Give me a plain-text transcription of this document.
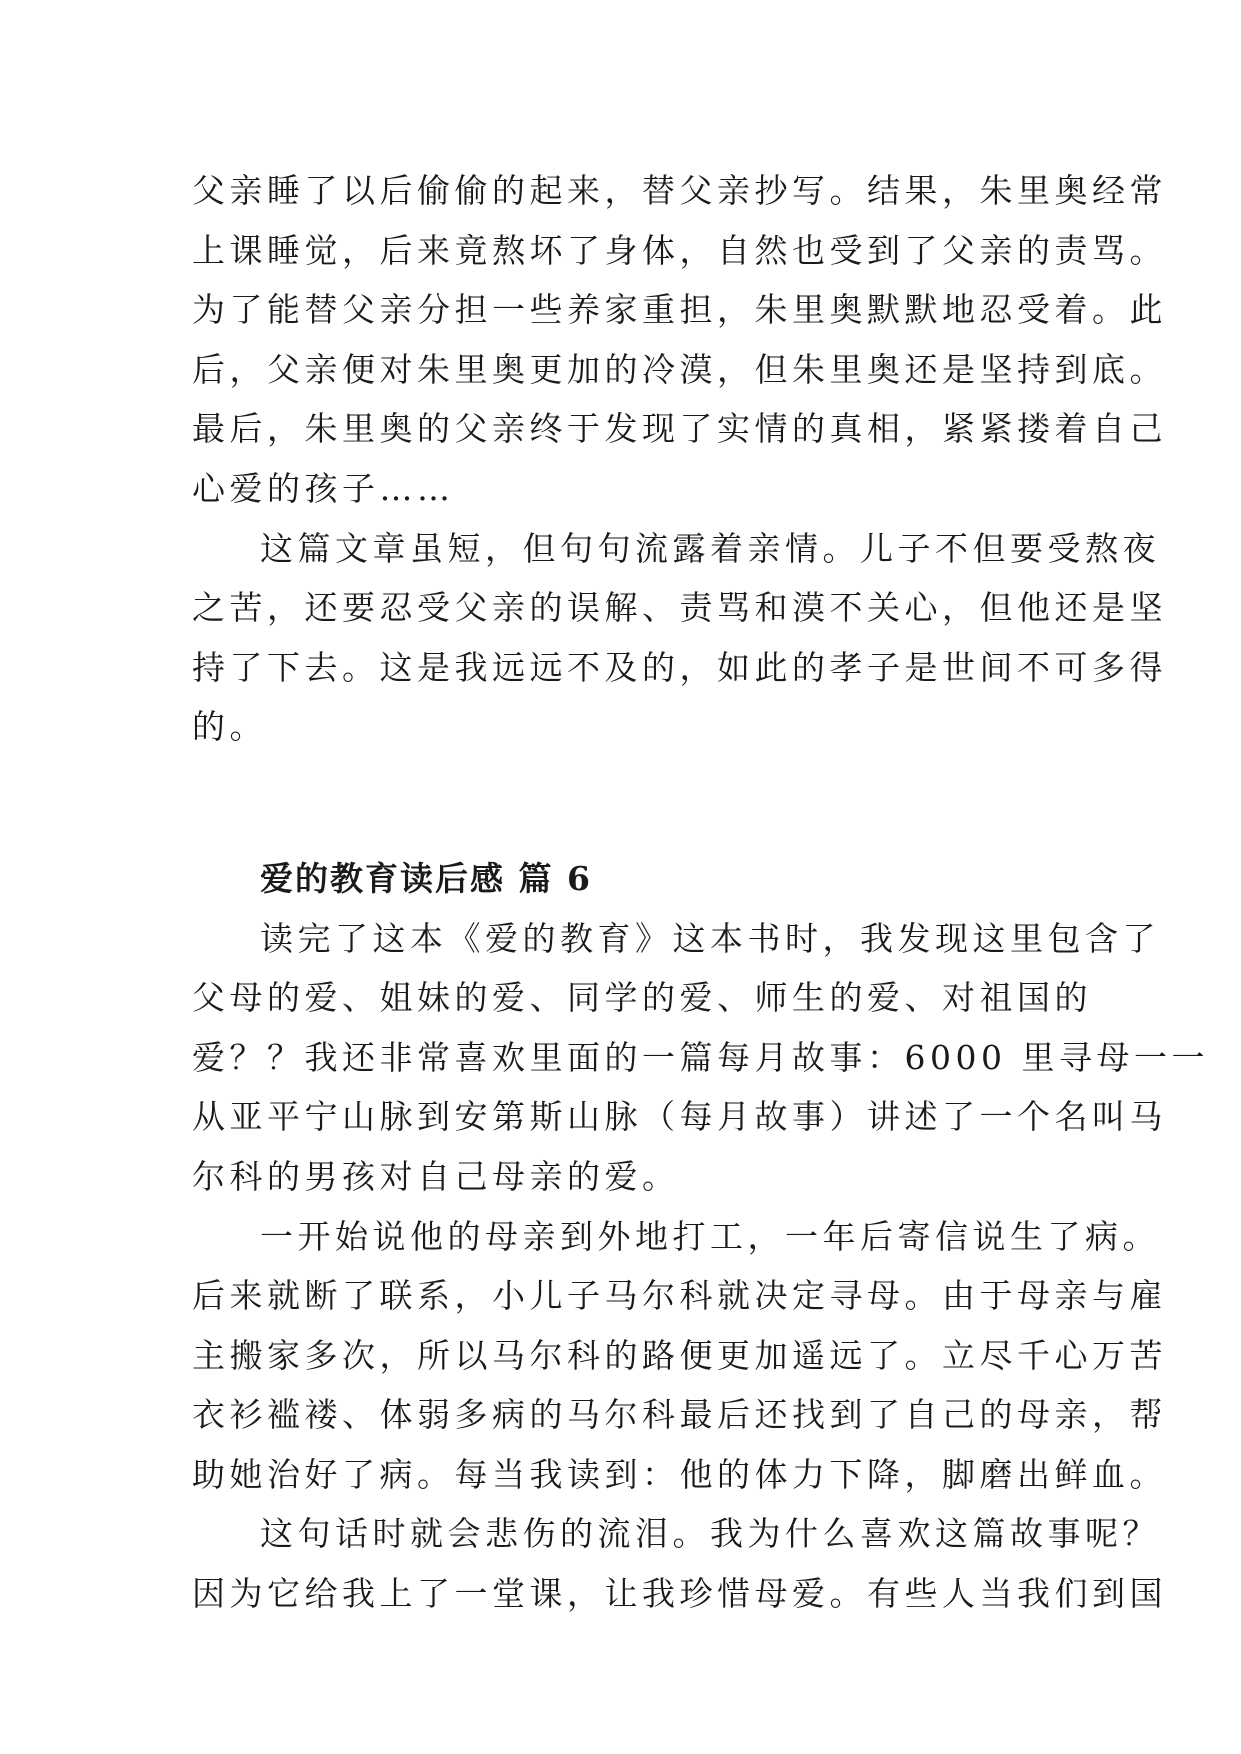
父亲睡了以后偷偷的起来，替父亲抄写。结果，朱里奥经常
上课睡觉，后来竟熬坏了身体，自然也受到了父亲的责骂。
为了能替父亲分担一些养家重担，朱里奥默默地忍受着。此
后，父亲便对朱里奥更加的冷漠，但朱里奥还是坚持到底。
最后，朱里奥的父亲终于发现了实情的真相，紧紧搂着自己
心爱的孩子……

这篇文章虽短，但句句流露着亲情。儿子不但要受熬夜
之苦，还要忍受父亲的误解、责骂和漠不关心，但他还是坚
持了下去。这是我远远不及的，如此的孝子是世间不可多得
的。

爱的教育读后感 篇 6

读完了这本《爱的教育》这本书时，我发现这里包含了
父母的爱、姐妹的爱、同学的爱、师生的爱、对祖国的
爱？？我还非常喜欢里面的一篇每月故事：6000 里寻母一一
从亚平宁山脉到安第斯山脉（每月故事）讲述了一个名叫马
尔科的男孩对自己母亲的爱。

一开始说他的母亲到外地打工，一年后寄信说生了病。
后来就断了联系，小儿子马尔科就决定寻母。由于母亲与雇
主搬家多次，所以马尔科的路便更加遥远了。立尽千心万苦
衣衫褴褛、体弱多病的马尔科最后还找到了自己的母亲，帮
助她治好了病。每当我读到：他的体力下降，脚磨出鲜血。

这句话时就会悲伤的流泪。我为什么喜欢这篇故事呢？
因为它给我上了一堂课，让我珍惜母爱。有些人当我们到国
